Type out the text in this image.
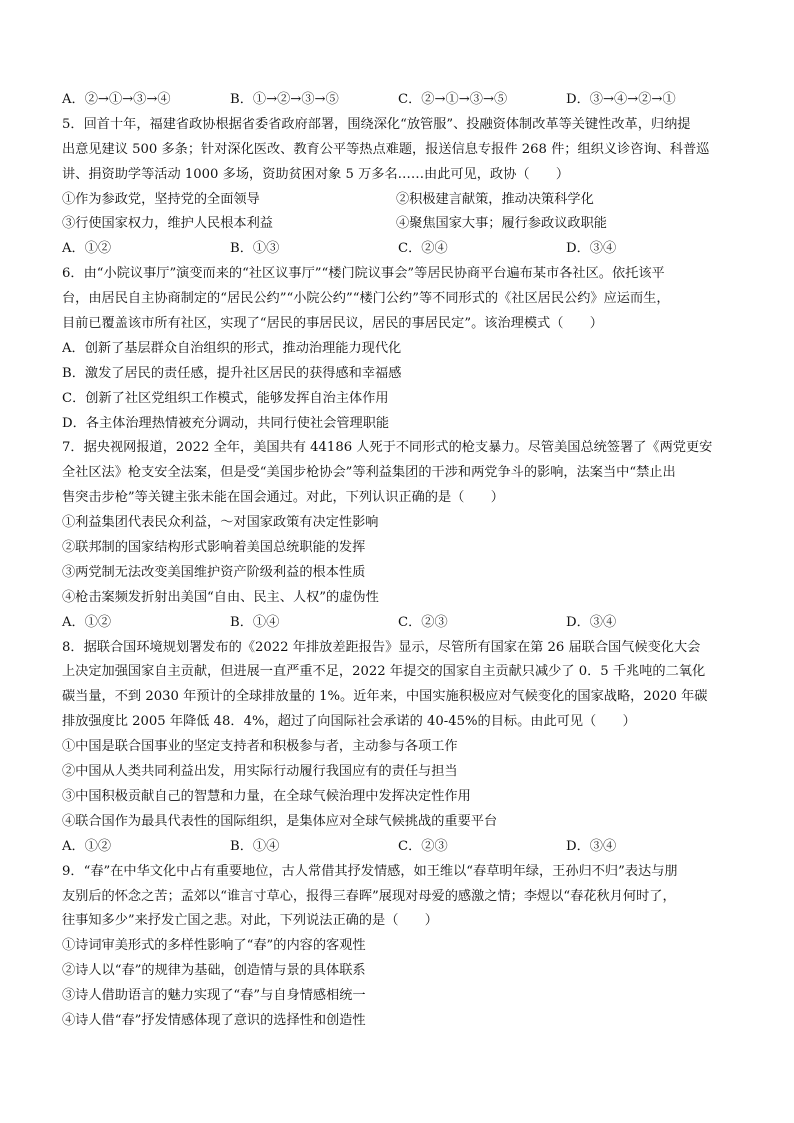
A．②→①→③→④	B．①→②→③→⑤	C．②→①→③→⑤	D．③→④→②→①
5．回首十年，福建省政协根据省委省政府部署，围绕深化“放管服”、投融资体制改革等关键性改革，归纳提
出意见建议 500 多条；针对深化医改、教育公平等热点难题，报送信息专报件 268 件；组织义诊咨询、科普巡
讲、捐资助学等活动 1000 多场，资助贫困对象 5 万多名……由此可见，政协（　　）
①作为参政党，坚持党的全面领导	②积极建言献策，推动决策科学化
③行使国家权力，维护人民根本利益	④聚焦国家大事；履行参政议政职能
A．①②	B．①③	C．②④	D．③④
6．由“小院议事厅”演变而来的“社区议事厅”“楼门院议事会”等居民协商平台遍布某市各社区。依托该平
台，由居民自主协商制定的“居民公约”“小院公约”“楼门公约”等不同形式的《社区居民公约》应运而生，
目前已覆盖该市所有社区，实现了“居民的事居民议，居民的事居民定”。该治理模式（　　）
A．创新了基层群众自治组织的形式，推动治理能力现代化
B．激发了居民的责任感，提升社区居民的获得感和幸福感
C．创新了社区党组织工作模式，能够发挥自治主体作用
D．各主体治理热情被充分调动，共同行使社会管理职能
7．据央视网报道，2022 全年，美国共有 44186 人死于不同形式的枪支暴力。尽管美国总统签署了《两党更安
全社区法》枪支安全法案，但是受“美国步枪协会”等利益集团的干涉和两党争斗的影响，法案当中“禁止出
售突击步枪”等关键主张未能在国会通过。对此，下列认识正确的是（　　）
①利益集团代表民众利益，～对国家政策有决定性影响
②联邦制的国家结构形式影响着美国总统职能的发挥
③两党制无法改变美国维护资产阶级利益的根本性质
④枪击案频发折射出美国“自由、民主、人权”的虚伪性
A．①②	B．①④	C．②③	D．③④
8．据联合国环境规划署发布的《2022 年排放差距报告》显示，尽管所有国家在第 26 届联合国气候变化大会
上决定加强国家自主贡献，但进展一直严重不足，2022 年提交的国家自主贡献只减少了 0．5 千兆吨的二氧化
碳当量，不到 2030 年预计的全球排放量的 1%。近年来，中国实施积极应对气候变化的国家战略，2020 年碳
排放强度比 2005 年降低 48．4%，超过了向国际社会承诺的 40-45%的目标。由此可见（　　）
①中国是联合国事业的坚定支持者和积极参与者，主动参与各项工作
②中国从人类共同利益出发，用实际行动履行我国应有的责任与担当
③中国积极贡献自己的智慧和力量，在全球气候治理中发挥决定性作用
④联合国作为最具代表性的国际组织，是集体应对全球气候挑战的重要平台
A．①②	B．①④	C．②③	D．③④
9．“春”在中华文化中占有重要地位，古人常借其抒发情感，如王维以“春草明年绿，王孙归不归”表达与朋
友别后的怀念之苦；孟郊以“谁言寸草心，报得三春晖”展现对母爱的感激之情；李煜以“春花秋月何时了，
往事知多少”来抒发亡国之悲。对此，下列说法正确的是（　　）
①诗词审美形式的多样性影响了“春”的内容的客观性
②诗人以“春”的规律为基础，创造情与景的具体联系
③诗人借助语言的魅力实现了“春”与自身情感相统一
④诗人借“春”抒发情感体现了意识的选择性和创造性
